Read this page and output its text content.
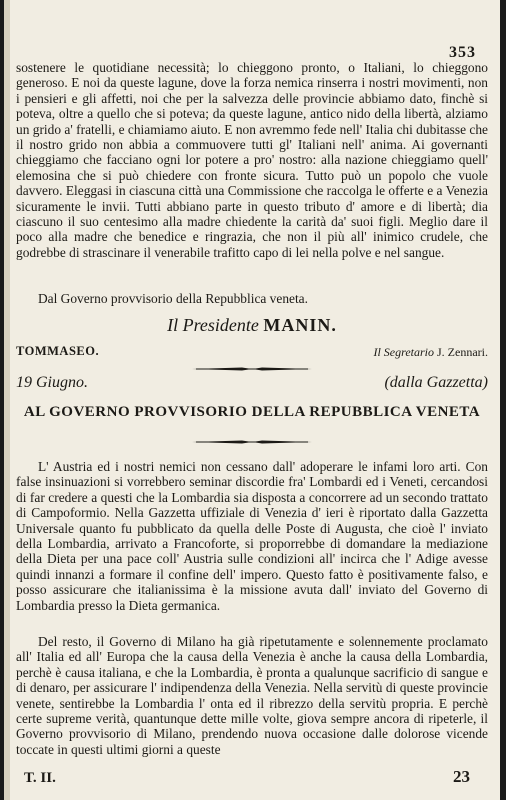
353

sostenere le quotidiane necessità; lo chieggono pronto, o Italiani, lo chieggono generoso. E noi da queste lagune, dove la forza nemica rinserra i nostri movimenti, non i pensieri e gli affetti, noi che per la salvezza delle provincie abbiamo dato, finchè si poteva, oltre a quello che si poteva; da queste lagune, antico nido della libertà, alziamo un grido a' fratelli, e chiamiamo aiuto. E non avremmo fede nell' Italia chi dubitasse che il nostro grido non abbia a commuovere tutti gl' Italiani nell' anima. Ai governanti chieggiamo che facciano ogni lor potere a pro' nostro: alla nazione chieggiamo quell' elemosina che si può chiedere con fronte sicura. Tutto può un popolo che vuole davvero. Eleggasi in ciascuna città una Commissione che raccolga le offerte e a Venezia sicuramente le invii. Tutti abbiano parte in questo tributo d' amore e di libertà; dia ciascuno il suo centesimo alla madre chiedente la carità da' suoi figli. Meglio dare il poco alla madre che benedice e ringrazia, che non il più all' inimico crudele, che godrebbe di strascinare il venerabile trafitto capo di lei nella polve e nel sangue.

Dal Governo provvisorio della Repubblica veneta.
Il Presidente MANIN.
TOMMASEO.	Il Segretario J. Zennari.
19 Giugno.	(dalla Gazzetta)
AL GOVERNO PROVVISORIO DELLA REPUBBLICA VENETA

L' Austria ed i nostri nemici non cessano dall' adoperare le infami loro arti. Con false insinuazioni si vorrebbero seminar discordie fra' Lombardi ed i Veneti, cercandosi di far credere a questi che la Lombardia sia disposta a concorrere ad un secondo trattato di Campoformio. Nella Gazzetta uffiziale di Venezia d' ieri è riportato dalla Gazzetta Universale quanto fu pubblicato da quella delle Poste di Augusta, che cioè l' inviato della Lombardia, arrivato a Francoforte, si proporrebbe di domandare la mediazione della Dieta per una pace coll' Austria sulle condizioni all' incirca che l' Adige avesse quindi innanzi a formare il confine dell' impero. Questo fatto è positivamente falso, e posso assicurare che italianissima è la missione avuta dall' inviato del Governo di Lombardia presso la Dieta germanica.

Del resto, il Governo di Milano ha già ripetutamente e solennemente proclamato all' Italia ed all' Europa che la causa della Venezia è anche la causa della Lombardia, perchè è causa italiana, e che la Lombardia, è pronta a qualunque sacrificio di sangue e di denaro, per assicurare l' indipendenza della Venezia. Nella servitù di queste provincie venete, sentirebbe la Lombardia l' onta ed il ribrezzo della servitù propria. E perchè certe supreme verità, quantunque dette mille volte, giova sempre ancora di ripeterle, il Governo provvisorio di Milano, prendendo nuova occasione dalle dolorose vicende toccate in questi ultimi giorni a queste

T. II.	23
